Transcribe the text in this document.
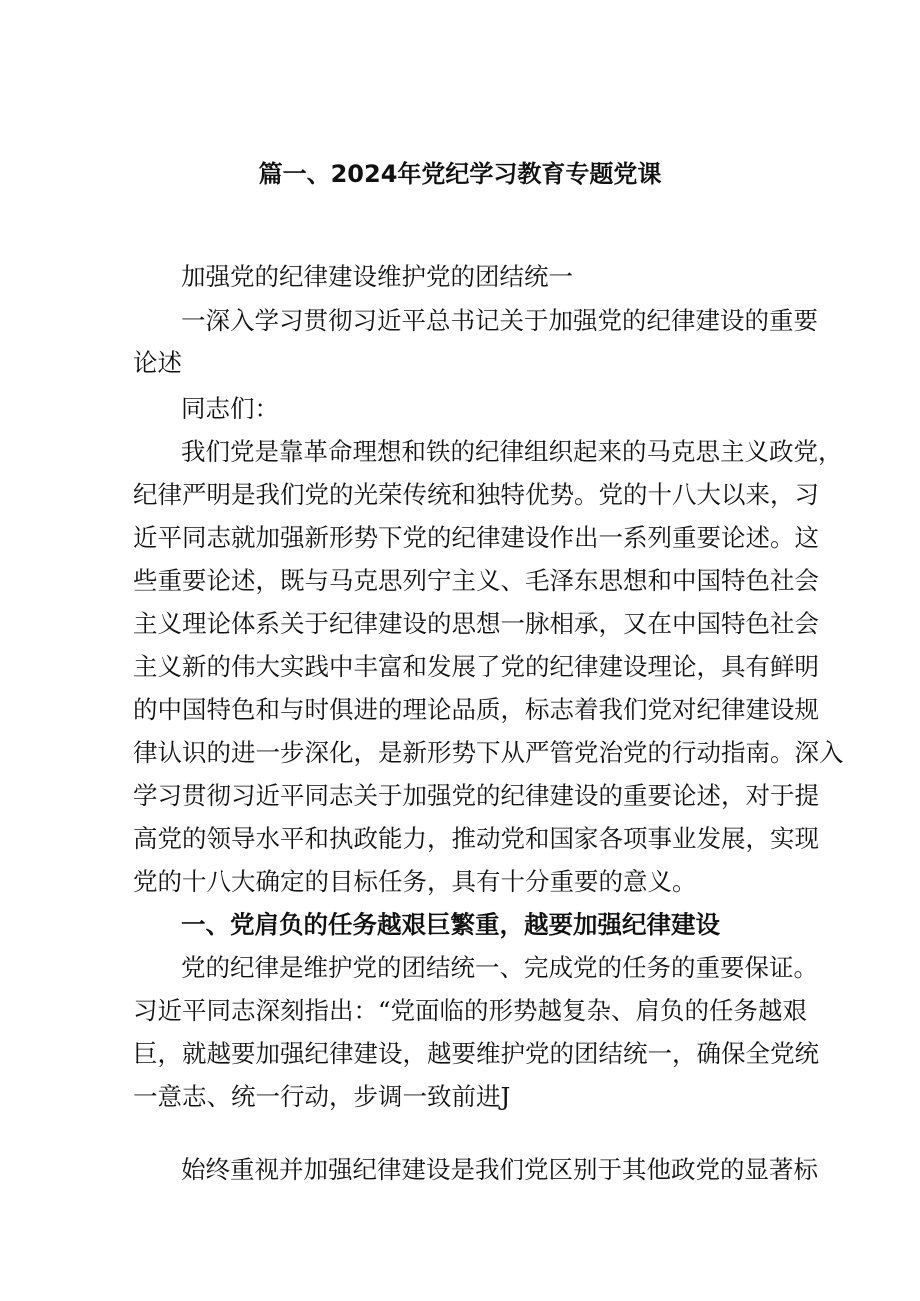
篇一、2024年党纪学习教育专题党课
加强党的纪律建设维护党的团结统一
一深入学习贯彻习近平总书记关于加强党的纪律建设的重要
论述
同志们：
我们党是靠革命理想和铁的纪律组织起来的马克思主义政党，
纪律严明是我们党的光荣传统和独特优势。党的十八大以来，习
近平同志就加强新形势下党的纪律建设作出一系列重要论述。这
些重要论述，既与马克思列宁主义、毛泽东思想和中国特色社会
主义理论体系关于纪律建设的思想一脉相承，又在中国特色社会
主义新的伟大实践中丰富和发展了党的纪律建设理论，具有鲜明
的中国特色和与时俱进的理论品质，标志着我们党对纪律建设规
律认识的进一步深化，是新形势下从严管党治党的行动指南。深入
学习贯彻习近平同志关于加强党的纪律建设的重要论述，对于提
高党的领导水平和执政能力，推动党和国家各项事业发展，实现
党的十八大确定的目标任务，具有十分重要的意义。
一、党肩负的任务越艰巨繁重，越要加强纪律建设
党的纪律是维护党的团结统一、完成党的任务的重要保证。
习近平同志深刻指出：“党面临的形势越复杂、肩负的任务越艰
巨，就越要加强纪律建设，越要维护党的团结统一，确保全党统
一意志、统一行动，步调一致前进J
始终重视并加强纪律建设是我们党区别于其他政党的显著标
